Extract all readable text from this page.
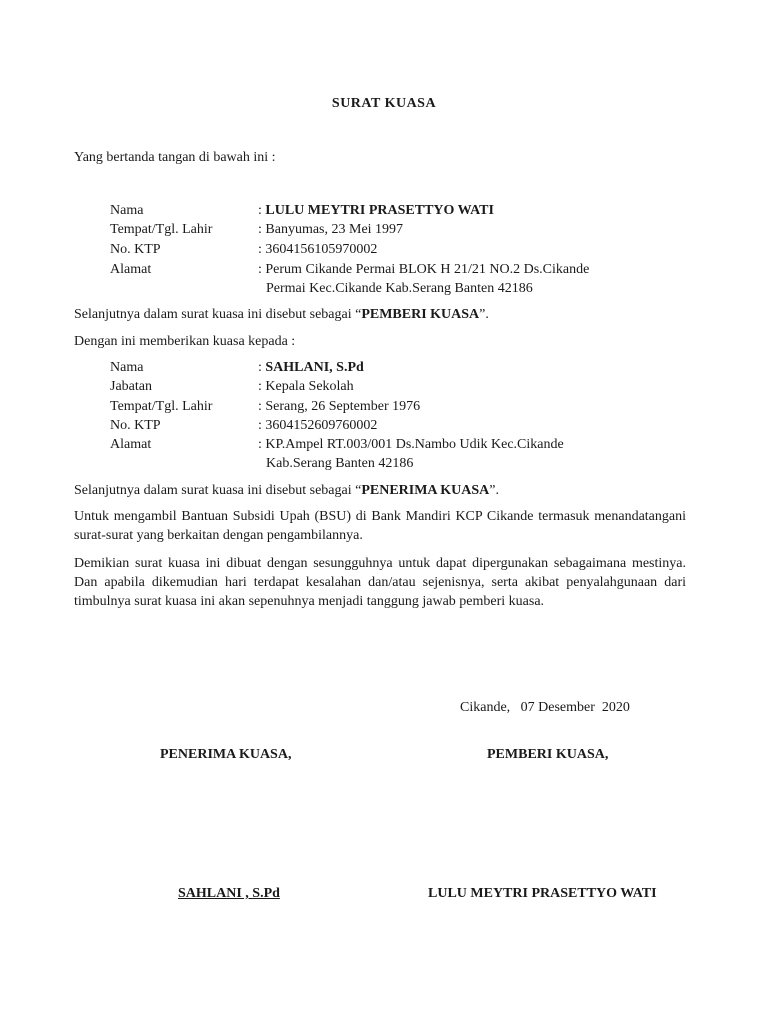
SURAT KUASA
Yang bertanda tangan di bawah ini :
Nama	: LULU MEYTRI PRASETTYO WATI
Tempat/Tgl. Lahir	: Banyumas, 23 Mei 1997
No. KTP	: 3604156105970002
Alamat	: Perum Cikande Permai BLOK H 21/21 NO.2 Ds.Cikande
Permai Kec.Cikande Kab.Serang Banten 42186
Selanjutnya dalam surat kuasa ini disebut sebagai “PEMBERI KUASA”.
Dengan ini memberikan kuasa kepada :
Nama	: SAHLANI, S.Pd
Jabatan	: Kepala Sekolah
Tempat/Tgl. Lahir	: Serang, 26 September 1976
No. KTP	: 3604152609760002
Alamat	: KP.Ampel RT.003/001 Ds.Nambo Udik Kec.Cikande
Kab.Serang Banten 42186
Selanjutnya dalam surat kuasa ini disebut sebagai “PENERIMA KUASA”.
Untuk mengambil Bantuan Subsidi Upah (BSU) di Bank Mandiri KCP Cikande termasuk menandatangani surat-surat yang berkaitan dengan pengambilannya.
Demikian surat kuasa ini dibuat dengan sesungguhnya untuk dapat dipergunakan sebagaimana mestinya. Dan apabila dikemudian hari terdapat kesalahan dan/atau sejenisnya, serta akibat penyalahgunaan dari timbulnya surat kuasa ini akan sepenuhnya menjadi tanggung jawab pemberi kuasa.
Cikande,   07 Desember  2020
PENERIMA KUASA,	PEMBERI KUASA,
SAHLANI , S.Pd	LULU MEYTRI PRASETTYO WATI
